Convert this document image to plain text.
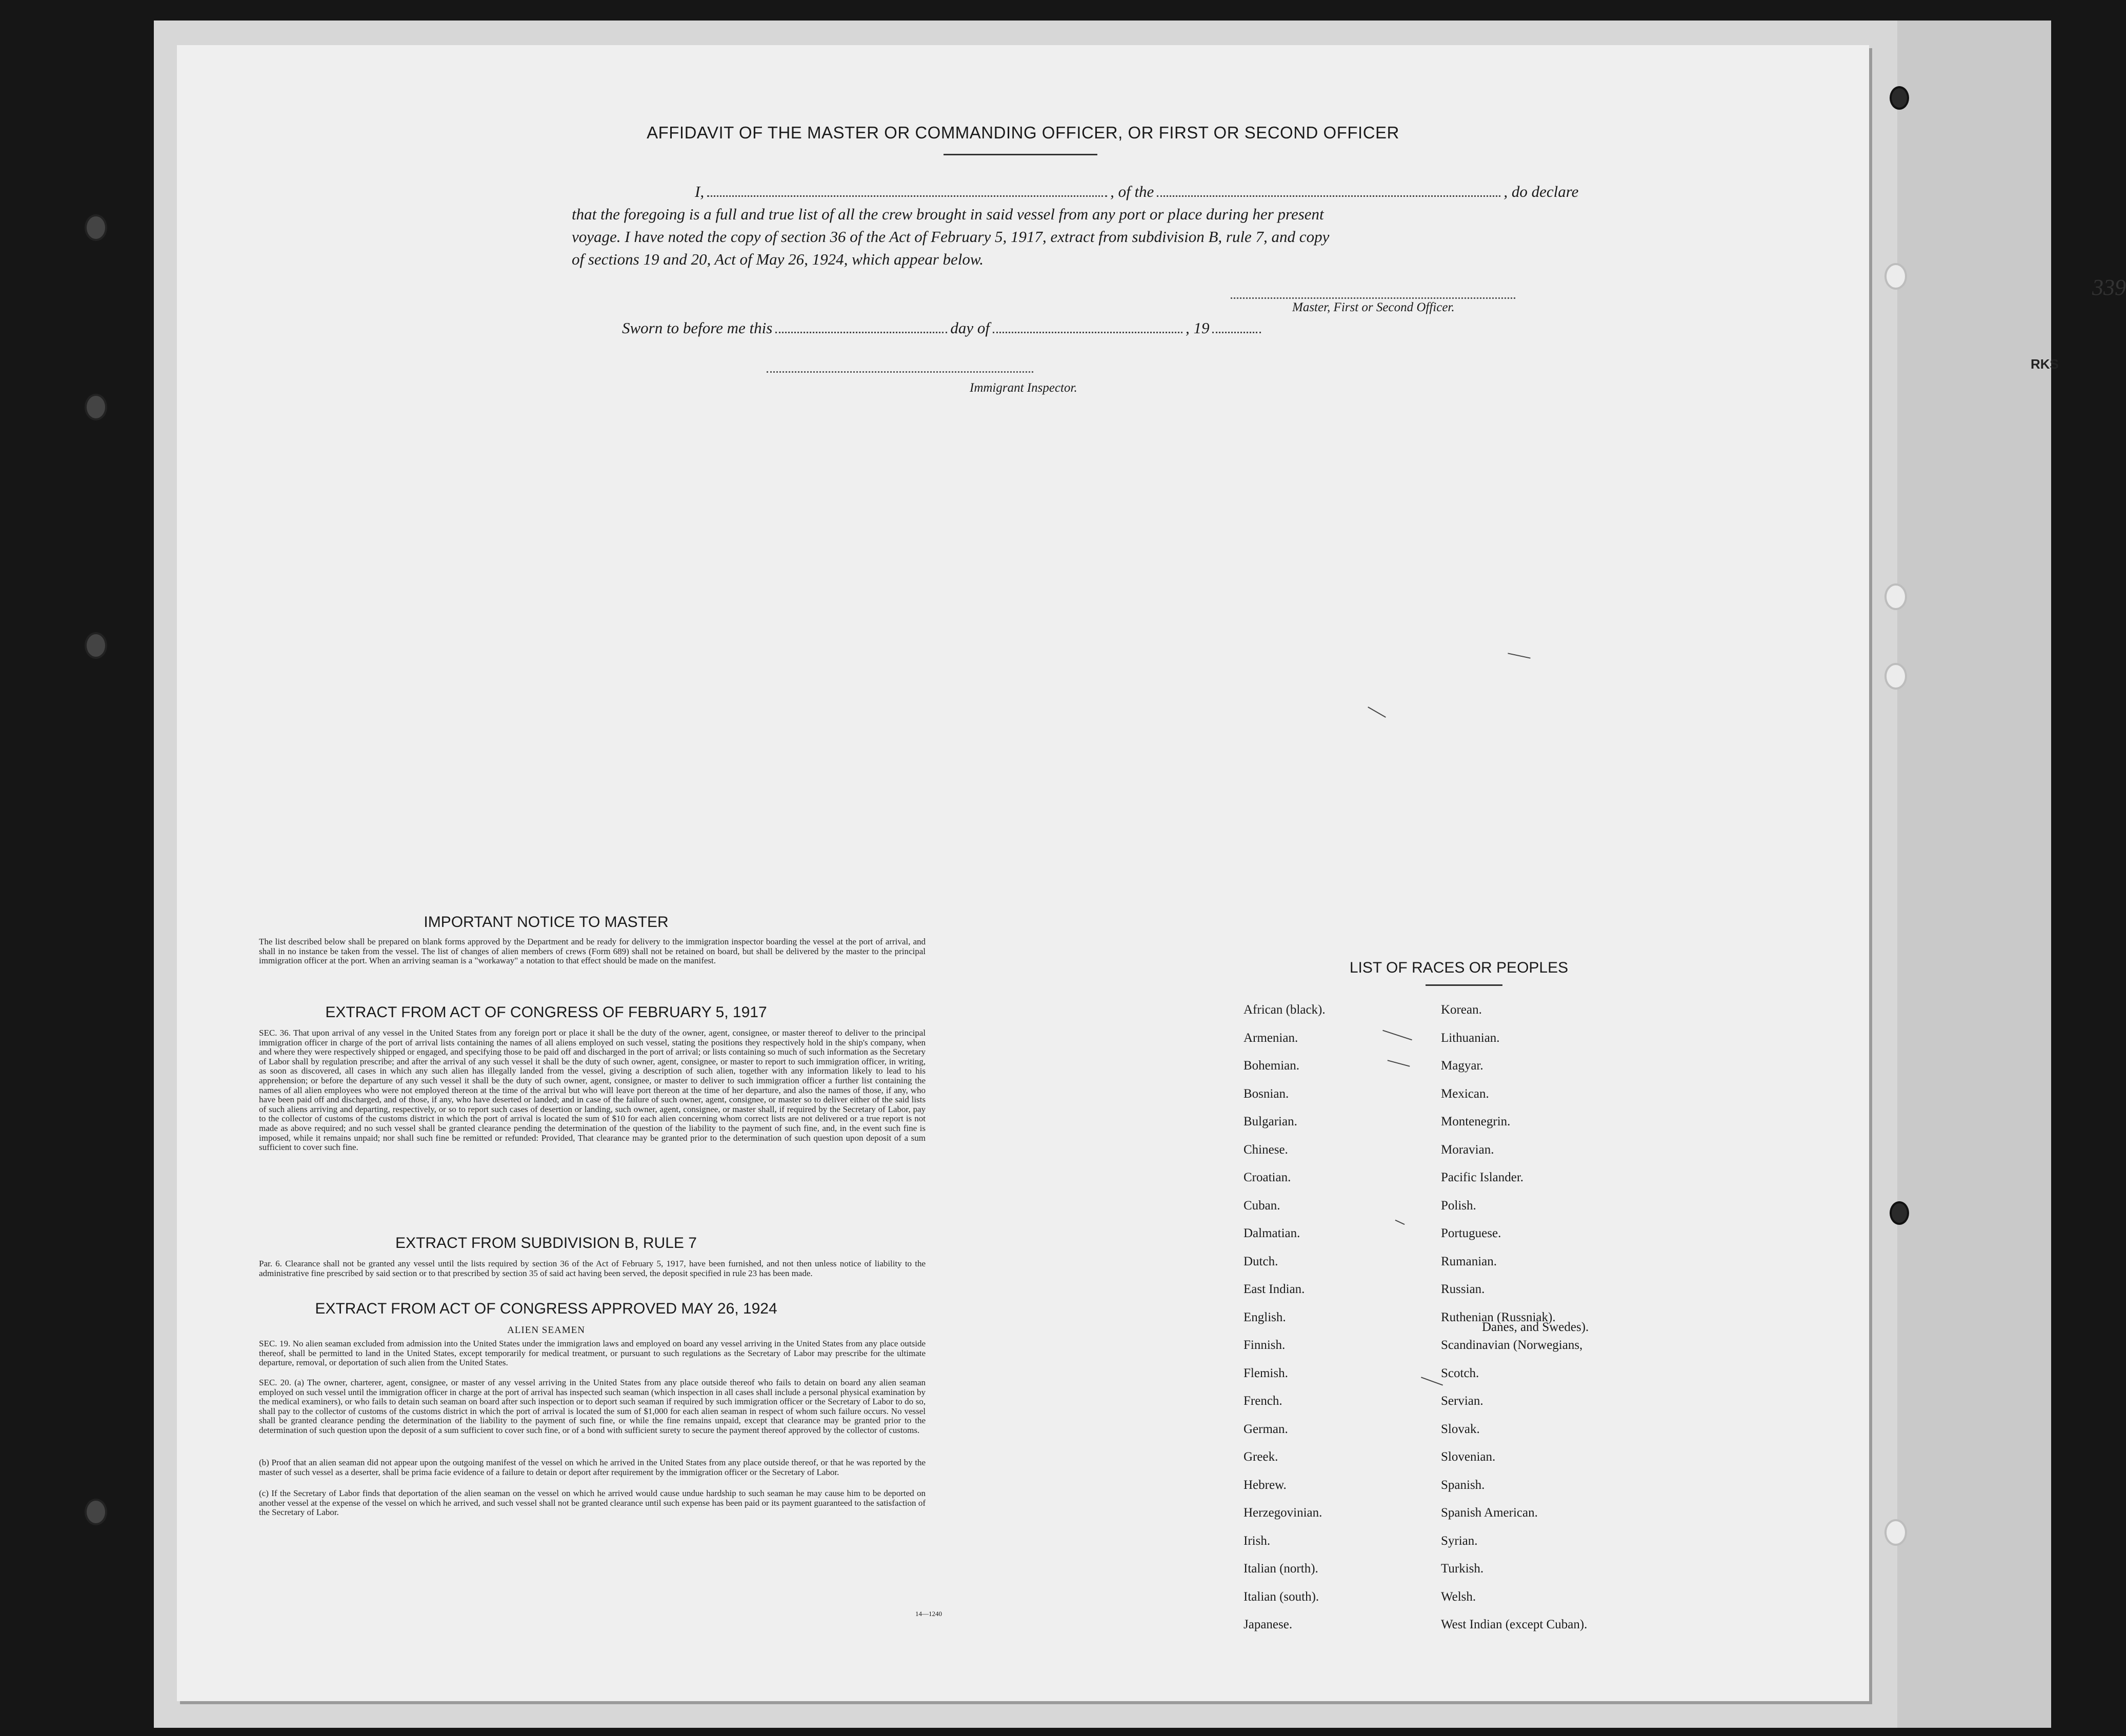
RKS
339
AFFIDAVIT OF THE MASTER OR COMMANDING OFFICER, OR FIRST OR SECOND OFFICER
I,	, of the	, do declare
that the foregoing is a full and true list of all the crew brought in said vessel from any port or place during her present
voyage. I have noted the copy of section 36 of the Act of February 5, 1917, extract from subdivision B, rule 7, and copy
of sections 19 and 20, Act of May 26, 1924, which appear below.
Master, First or Second Officer.
Sworn to before me this	day of	, 19
Immigrant Inspector.
IMPORTANT NOTICE TO MASTER
The list described below shall be prepared on blank forms approved by the Department and be ready for delivery to the immigration inspector boarding the vessel at the port of arrival, and shall in no instance be taken from the vessel. The list of changes of alien members of crews (Form 689) shall not be retained on board, but shall be delivered by the master to the principal immigration officer at the port. When an arriving seaman is a "workaway" a notation to that effect should be made on the manifest.
EXTRACT FROM ACT OF CONGRESS OF FEBRUARY 5, 1917
SEC. 36. That upon arrival of any vessel in the United States from any foreign port or place it shall be the duty of the owner, agent, consignee, or master thereof to deliver to the principal immigration officer in charge of the port of arrival lists containing the names of all aliens employed on such vessel, stating the positions they respectively hold in the ship's company, when and where they were respectively shipped or engaged, and specifying those to be paid off and discharged in the port of arrival; or lists containing so much of such information as the Secretary of Labor shall by regulation prescribe; and after the arrival of any such vessel it shall be the duty of such owner, agent, consignee, or master to report to such immigration officer, in writing, as soon as discovered, all cases in which any such alien has illegally landed from the vessel, giving a description of such alien, together with any information likely to lead to his apprehension; or before the departure of any such vessel it shall be the duty of such owner, agent, consignee, or master to deliver to such immigration officer a further list containing the names of all alien employees who were not employed thereon at the time of the arrival but who will leave port thereon at the time of her departure, and also the names of those, if any, who have been paid off and discharged, and of those, if any, who have deserted or landed; and in case of the failure of such owner, agent, consignee, or master so to deliver either of the said lists of such aliens arriving and departing, respectively, or so to report such cases of desertion or landing, such owner, agent, consignee, or master shall, if required by the Secretary of Labor, pay to the collector of customs of the customs district in which the port of arrival is located the sum of $10 for each alien concerning whom correct lists are not delivered or a true report is not made as above required; and no such vessel shall be granted clearance pending the determination of the question of the liability to the payment of such fine, and, in the event such fine is imposed, while it remains unpaid; nor shall such fine be remitted or refunded: Provided, That clearance may be granted prior to the determination of such question upon deposit of a sum sufficient to cover such fine.
EXTRACT FROM SUBDIVISION B, RULE 7
Par. 6. Clearance shall not be granted any vessel until the lists required by section 36 of the Act of February 5, 1917, have been furnished, and not then unless notice of liability to the administrative fine prescribed by said section or to that prescribed by section 35 of said act having been served, the deposit specified in rule 23 has been made.
EXTRACT FROM ACT OF CONGRESS APPROVED MAY 26, 1924
ALIEN SEAMEN
SEC. 19. No alien seaman excluded from admission into the United States under the immigration laws and employed on board any vessel arriving in the United States from any place outside thereof, shall be permitted to land in the United States, except temporarily for medical treatment, or pursuant to such regulations as the Secretary of Labor may prescribe for the ultimate departure, removal, or deportation of such alien from the United States.
SEC. 20. (a) The owner, charterer, agent, consignee, or master of any vessel arriving in the United States from any place outside thereof who fails to detain on board any alien seaman employed on such vessel until the immigration officer in charge at the port of arrival has inspected such seaman (which inspection in all cases shall include a personal physical examination by the medical examiners), or who fails to detain such seaman on board after such inspection or to deport such seaman if required by such immigration officer or the Secretary of Labor to do so, shall pay to the collector of customs of the customs district in which the port of arrival is located the sum of $1,000 for each alien seaman in respect of whom such failure occurs. No vessel shall be granted clearance pending the determination of the liability to the payment of such fine, or while the fine remains unpaid, except that clearance may be granted prior to the determination of such question upon the deposit of a sum sufficient to cover such fine, or of a bond with sufficient surety to secure the payment thereof approved by the collector of customs.
(b) Proof that an alien seaman did not appear upon the outgoing manifest of the vessel on which he arrived in the United States from any place outside thereof, or that he was reported by the master of such vessel as a deserter, shall be prima facie evidence of a failure to detain or deport after requirement by the immigration officer or the Secretary of Labor.
(c) If the Secretary of Labor finds that deportation of the alien seaman on the vessel on which he arrived would cause undue hardship to such seaman he may cause him to be deported on another vessel at the expense of the vessel on which he arrived, and such vessel shall not be granted clearance until such expense has been paid or its payment guaranteed to the satisfaction of the Secretary of Labor.
14—1240
LIST OF RACES OR PEOPLES
Danes, and Swedes).
African (black).
Armenian.
Bohemian.
Bosnian.
Bulgarian.
Chinese.
Croatian.
Cuban.
Dalmatian.
Dutch.
East Indian.
English.
Finnish.
Flemish.
French.
German.
Greek.
Hebrew.
Herzegovinian.
Irish.
Italian (north).
Italian (south).
Japanese.
Korean.
Lithuanian.
Magyar.
Mexican.
Montenegrin.
Moravian.
Pacific Islander.
Polish.
Portuguese.
Rumanian.
Russian.
Ruthenian (Russniak).
Scandinavian (Norwegians,
Scotch.
Servian.
Slovak.
Slovenian.
Spanish.
Spanish American.
Syrian.
Turkish.
Welsh.
West Indian (except Cuban).
